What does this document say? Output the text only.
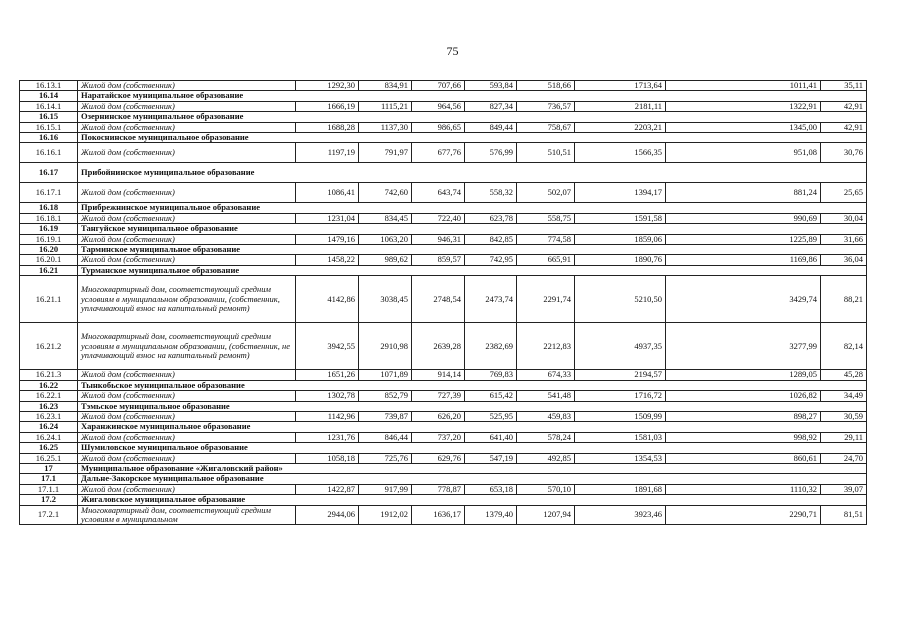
75
16.13.1	Жилой дом (собственник)	1292,30	834,91	707,66	593,84	518,66	1713,64	1011,41	35,11
16.14	Наратайское муниципальное образование								
16.14.1	Жилой дом (собственник)	1666,19	1115,21	964,56	827,34	736,57	2181,11	1322,91	42,91
16.15	Озернинское муниципальное образование								
16.15.1	Жилой дом (собственник)	1688,28	1137,30	986,65	849,44	758,67	2203,21	1345,00	42,91
16.16	Покоснинское муниципальное образование								
16.16.1	Жилой дом (собственник)	1197,19	791,97	677,76	576,99	510,51	1566,35	951,08	30,76
16.17	Прибойнинское муниципальное образование								
16.17.1	Жилой дом (собственник)	1086,41	742,60	643,74	558,32	502,07	1394,17	881,24	25,65
16.18	Прибрежнинское муниципальное образование								
16.18.1	Жилой дом (собственник)	1231,04	834,45	722,40	623,78	558,75	1591,58	990,69	30,04
16.19	Тангуйское муниципальное образование								
16.19.1	Жилой дом (собственник)	1479,16	1063,20	946,31	842,85	774,58	1859,06	1225,89	31,66
16.20	Тарминское муниципальное образование								
16.20.1	Жилой дом (собственник)	1458,22	989,62	859,57	742,95	665,91	1890,76	1169,86	36,04
16.21	Турманское муниципальное образование								
16.21.1	Многоквартирный дом, соответствующий средним условиям в муниципальном образовании, (собственник, уплачивающий взнос на капитальный ремонт)	4142,86	3038,45	2748,54	2473,74	2291,74	5210,50	3429,74	88,21
16.21.2	Многоквартирный дом, соответствующий средним условиям в муниципальном образовании, (собственник, не уплачивающий взнос на капитальный ремонт)	3942,55	2910,98	2639,28	2382,69	2212,83	4937,35	3277,99	82,14
16.21.3	Жилой дом (собственник)	1651,26	1071,89	914,14	769,83	674,33	2194,57	1289,05	45,28
16.22	Тынкобьское муниципальное образование								
16.22.1	Жилой дом (собственник)	1302,78	852,79	727,39	615,42	541,48	1716,72	1026,82	34,49
16.23	Тэмьское муниципальное образование								
16.23.1	Жилой дом (собственник)	1142,96	739,87	626,20	525,95	459,83	1509,99	898,27	30,59
16.24	Харанжинское муниципальное образование								
16.24.1	Жилой дом (собственник)	1231,76	846,44	737,20	641,40	578,24	1581,03	998,92	29,11
16.25	Шумиловское муниципальное образование								
16.25.1	Жилой дом (собственник)	1058,18	725,76	629,76	547,19	492,85	1354,53	860,61	24,70
17	Муниципальное образование «Жигаловский район»								
17.1	Дальне-Закорское муниципальное образование								
17.1.1	Жилой дом (собственник)	1422,87	917,99	778,87	653,18	570,10	1891,68	1110,32	39,07
17.2	Жигаловское муниципальное образование								
17.2.1	Многоквартирный дом, соответствующий средним условиям в муниципальном	2944,06	1912,02	1636,17	1379,40	1207,94	3923,46	2290,71	81,51
